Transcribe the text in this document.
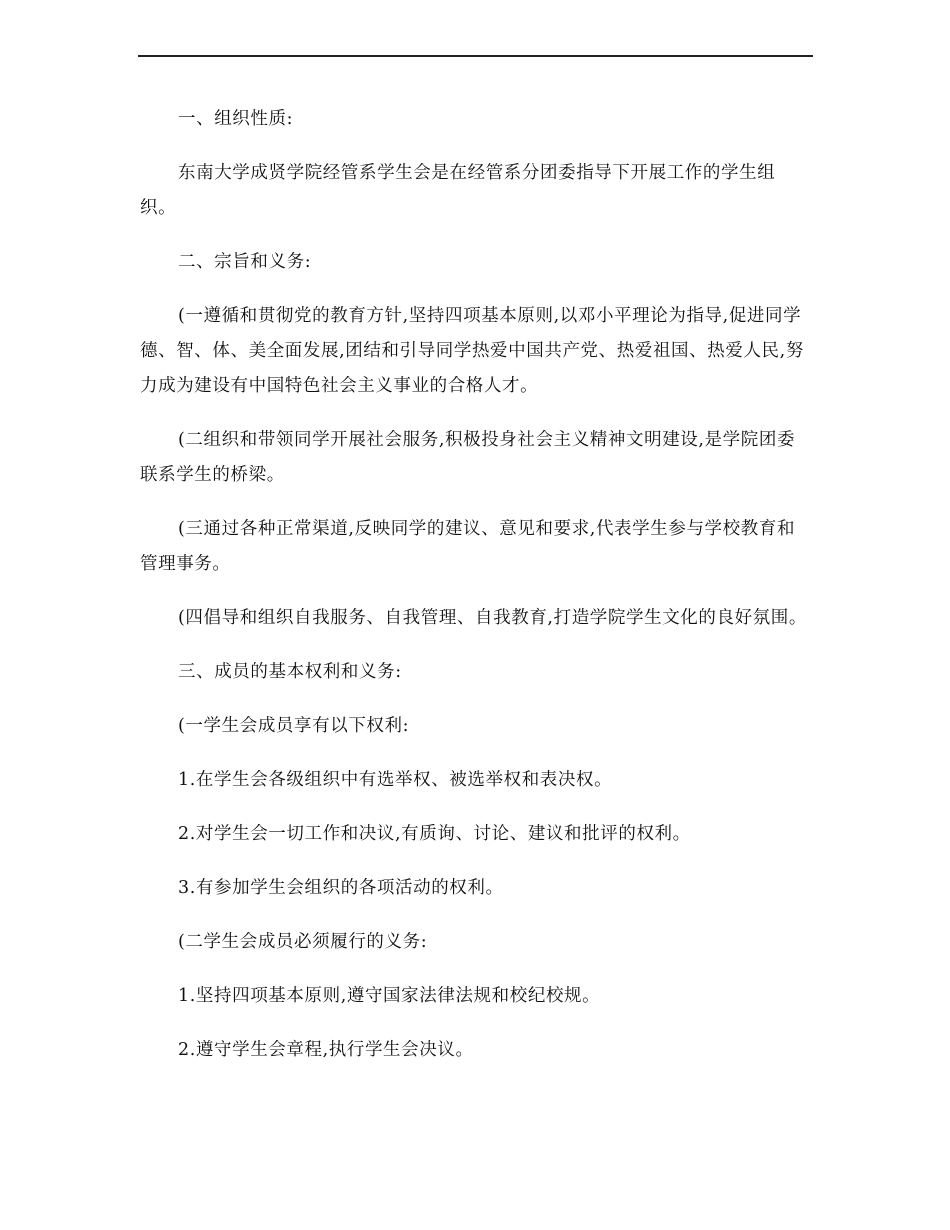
一、组织性质:

东南大学成贤学院经管系学生会是在经管系分团委指导下开展工作的学生组织。

二、宗旨和义务:

(一遵循和贯彻党的教育方针,坚持四项基本原则,以邓小平理论为指导,促进同学德、智、体、美全面发展,团结和引导同学热爱中国共产党、热爱祖国、热爱人民,努力成为建设有中国特色社会主义事业的合格人才。

(二组织和带领同学开展社会服务,积极投身社会主义精神文明建设,是学院团委联系学生的桥梁。

(三通过各种正常渠道,反映同学的建议、意见和要求,代表学生参与学校教育和管理事务。

(四倡导和组织自我服务、自我管理、自我教育,打造学院学生文化的良好氛围。

三、成员的基本权利和义务:

(一学生会成员享有以下权利:

1.在学生会各级组织中有选举权、被选举权和表决权。

2.对学生会一切工作和决议,有质询、讨论、建议和批评的权利。

3.有参加学生会组织的各项活动的权利。

(二学生会成员必须履行的义务:

1.坚持四项基本原则,遵守国家法律法规和校纪校规。

2.遵守学生会章程,执行学生会决议。
